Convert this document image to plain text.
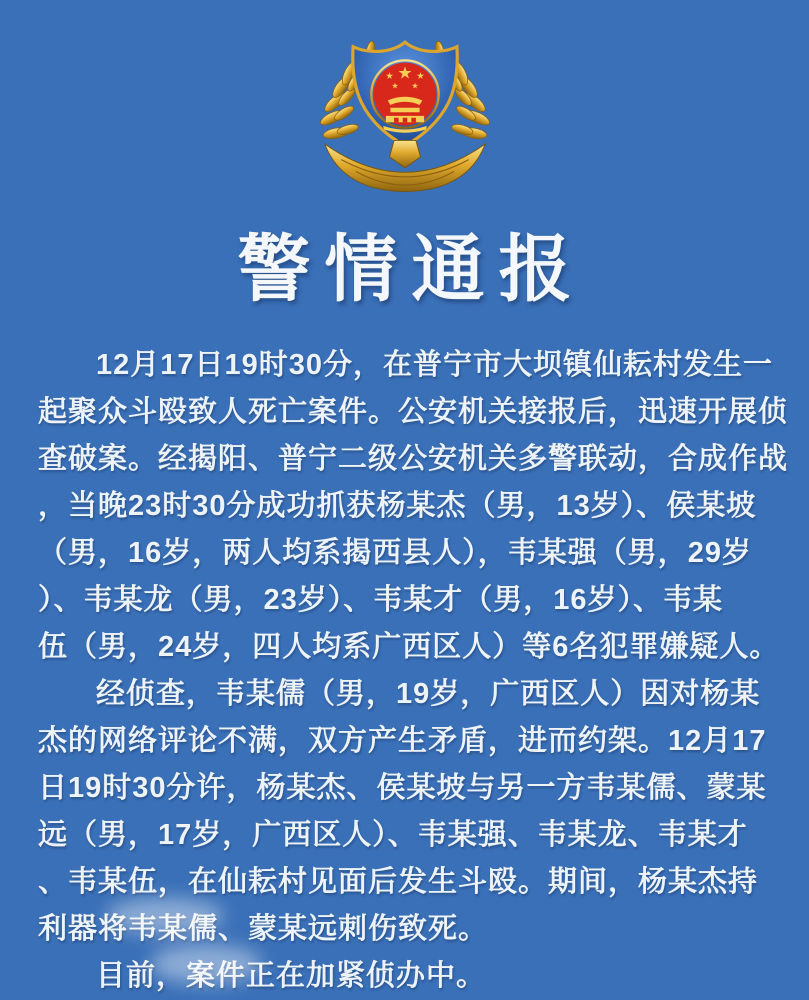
警情通报
12月17日19时30分，在普宁市大坝镇仙耘村发生一
起聚众斗殴致人死亡案件。公安机关接报后，迅速开展侦
查破案。经揭阳、普宁二级公安机关多警联动，合成作战
，当晚23时30分成功抓获杨某杰（男，13岁）、侯某坡
（男，16岁，两人均系揭西县人），韦某强（男，29岁
）、韦某龙（男，23岁）、韦某才（男，16岁）、韦某
伍（男，24岁，四人均系广西区人）等6名犯罪嫌疑人。
经侦查，韦某儒（男，19岁，广西区人）因对杨某
杰的网络评论不满，双方产生矛盾，进而约架。12月17
日19时30分许，杨某杰、侯某坡与另一方韦某儒、蒙某
远（男，17岁，广西区人）、韦某强、韦某龙、韦某才
、韦某伍，在仙耘村见面后发生斗殴。期间，杨某杰持
利器将韦某儒、蒙某远刺伤致死。
目前，案件正在加紧侦办中。
